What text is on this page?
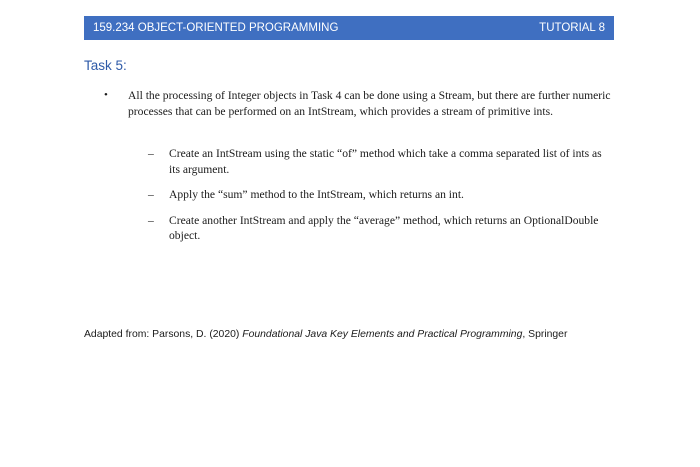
159.234 OBJECT-ORIENTED PROGRAMMING	TUTORIAL 8
Task 5:
• All the processing of Integer objects in Task 4 can be done using a Stream, but there are further numeric processes that can be performed on an IntStream, which provides a stream of primitive ints.
– Create an IntStream using the static “of” method which take a comma separated list of ints as its argument.
– Apply the “sum” method to the IntStream, which returns an int.
– Create another IntStream and apply the “average” method, which returns an OptionalDouble object.
Adapted from: Parsons, D. (2020) Foundational Java Key Elements and Practical Programming, Springer
